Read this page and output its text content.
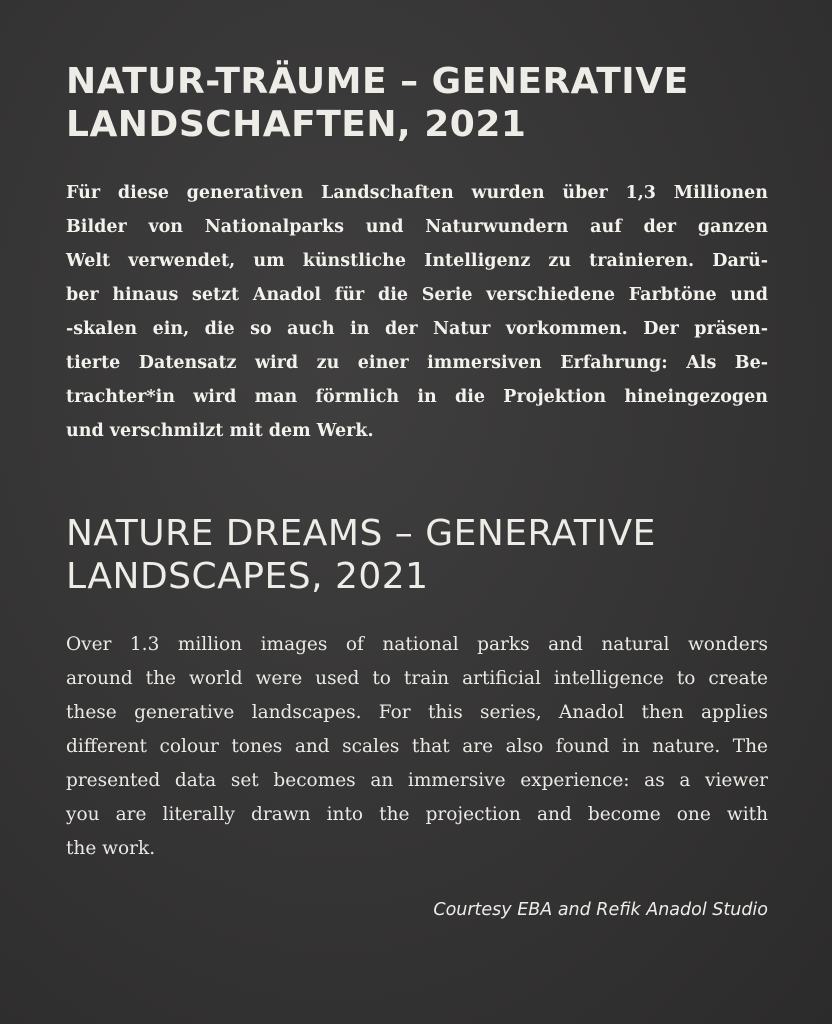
NATUR-TRÄUME – GENERATIVE
LANDSCHAFTEN, 2021

Für diese generativen Landschaften wurden über 1,3 Millionen
Bilder von Nationalparks und Naturwundern auf der ganzen
Welt verwendet, um künstliche Intelligenz zu trainieren. Darü-
ber hinaus setzt Anadol für die Serie verschiedene Farbtöne und
-skalen ein, die so auch in der Natur vorkommen. Der präsen-
tierte Datensatz wird zu einer immersiven Erfahrung: Als Be-
trachter*in wird man förmlich in die Projektion hineingezogen
und verschmilzt mit dem Werk.

NATURE DREAMS – GENERATIVE
LANDSCAPES, 2021

Over 1.3 million images of national parks and natural wonders
around the world were used to train artificial intelligence to create
these generative landscapes. For this series, Anadol then applies
different colour tones and scales that are also found in nature. The
presented data set becomes an immersive experience: as a viewer
you are literally drawn into the projection and become one with
the work.

Courtesy EBA and Refik Anadol Studio
